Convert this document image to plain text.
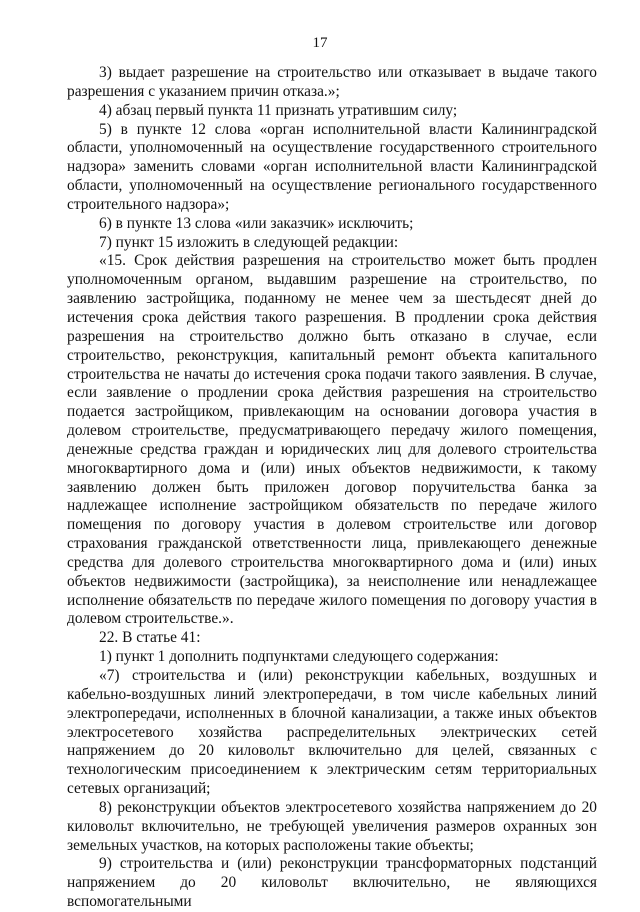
17

3) выдает разрешение на строительство или отказывает в выдаче такого разрешения с указанием причин отказа.»;

4) абзац первый пункта 11 признать утратившим силу;

5) в пункте 12 слова «орган исполнительной власти Калининградской области, уполномоченный на осуществление государственного строительного надзора» заменить словами «орган исполнительной власти Калининградской области, уполномоченный на осуществление регионального государственного строительного надзора»;

6) в пункте 13 слова «или заказчик» исключить;

7) пункт 15 изложить в следующей редакции:

«15. Срок действия разрешения на строительство может быть продлен уполномоченным органом, выдавшим разрешение на строительство, по заявлению застройщика, поданному не менее чем за шестьдесят дней до истечения срока действия такого разрешения. В продлении срока действия разрешения на строительство должно быть отказано в случае, если строительство, реконструкция, капитальный ремонт объекта капитального строительства не начаты до истечения срока подачи такого заявления. В случае, если заявление о продлении срока действия разрешения на строительство подается застройщиком, привлекающим на основании договора участия в долевом строительстве, предусматривающего передачу жилого помещения, денежные средства граждан и юридических лиц для долевого строительства многоквартирного дома и (или) иных объектов недвижимости, к такому заявлению должен быть приложен договор поручительства банка за надлежащее исполнение застройщиком обязательств по передаче жилого помещения по договору участия в долевом строительстве или договор страхования гражданской ответственности лица, привлекающего денежные средства для долевого строительства многоквартирного дома и (или) иных объектов недвижимости (застройщика), за неисполнение или ненадлежащее исполнение обязательств по передаче жилого помещения по договору участия в долевом строительстве.».

22. В статье 41:

1) пункт 1 дополнить подпунктами следующего содержания:

«7) строительства и (или) реконструкции кабельных, воздушных и кабельно-воздушных линий электропередачи, в том числе кабельных линий электропередачи, исполненных в блочной канализации, а также иных объектов электросетевого хозяйства распределительных электрических сетей напряжением до 20 киловольт включительно для целей, связанных с технологическим присоединением к электрическим сетям территориальных сетевых организаций;

8) реконструкции объектов электросетевого хозяйства напряжением до 20 киловольт включительно, не требующей увеличения размеров охранных зон земельных участков, на которых расположены такие объекты;

9) строительства и (или) реконструкции трансформаторных подстанций напряжением до 20 киловольт включительно, не являющихся вспомогательными
